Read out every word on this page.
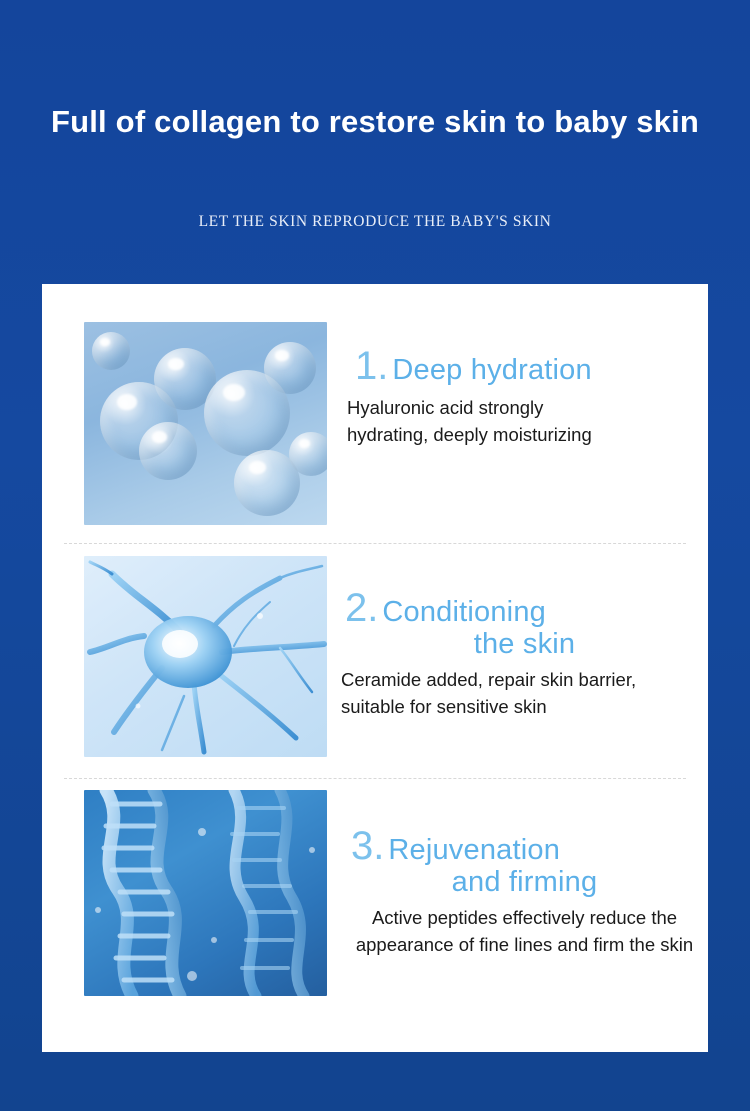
Full of collagen to restore skin to baby skin
LET THE SKIN REPRODUCE THE BABY'S SKIN
1. Deep hydration
Hyaluronic acid strongly
hydrating, deeply moisturizing
2. Conditioning
the skin
Ceramide added, repair skin barrier,
suitable for sensitive skin
3. Rejuvenation
and firming
Active peptides effectively reduce the
appearance of fine lines and firm the skin
